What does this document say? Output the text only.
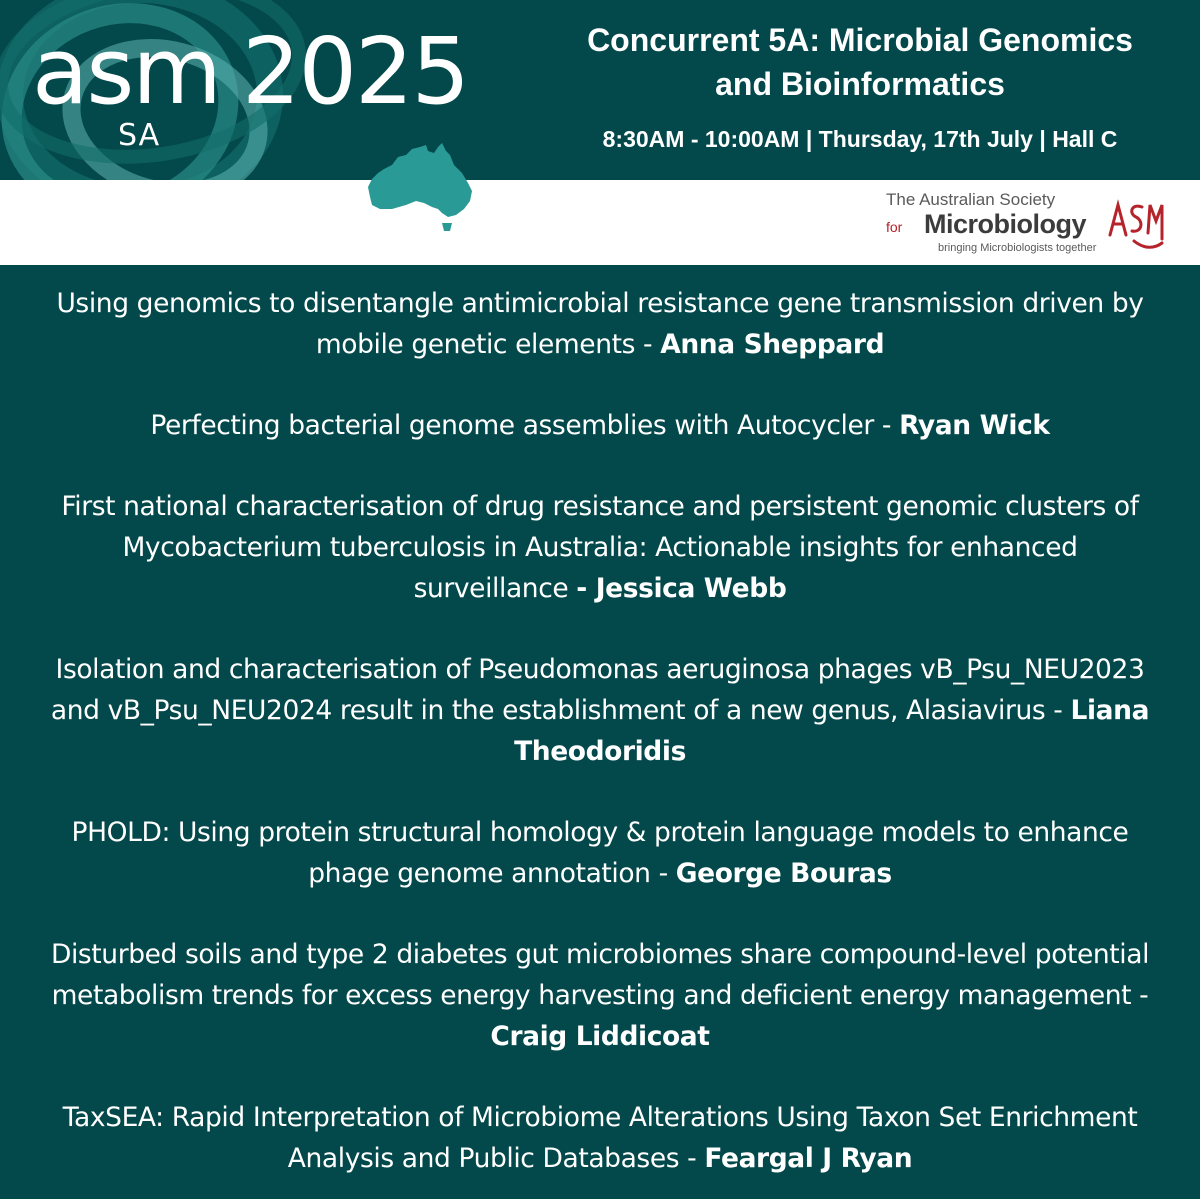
asm 2025
SA
Concurrent 5A: Microbial Genomics
and Bioinformatics
8:30AM - 10:00AM | Thursday, 17th July | Hall C
The Australian Society
for Microbiology
bringing Microbiologists together

Using genomics to disentangle antimicrobial resistance gene transmission driven by mobile genetic elements - Anna Sheppard

Perfecting bacterial genome assemblies with Autocycler - Ryan Wick

First national characterisation of drug resistance and persistent genomic clusters of Mycobacterium tuberculosis in Australia: Actionable insights for enhanced surveillance - Jessica Webb

Isolation and characterisation of Pseudomonas aeruginosa phages vB_Psu_NEU2023 and vB_Psu_NEU2024 result in the establishment of a new genus, Alasiavirus - Liana Theodoridis

PHOLD: Using protein structural homology & protein language models to enhance phage genome annotation - George Bouras

Disturbed soils and type 2 diabetes gut microbiomes share compound-level potential metabolism trends for excess energy harvesting and deficient energy management - Craig Liddicoat

TaxSEA: Rapid Interpretation of Microbiome Alterations Using Taxon Set Enrichment Analysis and Public Databases - Feargal J Ryan
